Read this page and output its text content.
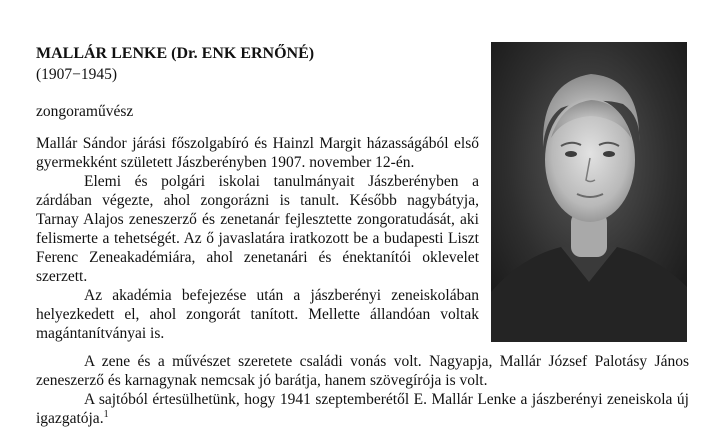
MALLÁR LENKE (Dr. ENK ERNŐNÉ)
(1907−1945)
zongoraművész

Mallár Sándor járási főszolgabíró és Hainzl Margit házasságából első gyermekként született Jászberényben 1907. november 12-én.

Elemi és polgári iskolai tanulmányait Jászberényben a zárdában végezte, ahol zongorázni is tanult. Később nagybátyja, Tarnay Alajos zeneszerző és zenetanár fejlesztette zongoratudását, aki felismerte a tehetségét. Az ő javaslatára iratkozott be a budapesti Liszt Ferenc Zeneakadémiára, ahol zenetanári és énektanítói oklevelet szerzett.

Az akadémia befejezése után a jászberényi zeneiskolában helyezkedett el, ahol zongorát tanított. Mellette állandóan voltak magántanítványai is.

A zene és a művészet szeretete családi vonás volt. Nagyapja, Mallár József Palotásy János zeneszerző és karnagynak nemcsak jó barátja, hanem szövegírója is volt.

A sajtóból értesülhetünk, hogy 1941 szeptemberétől E. Mallár Lenke a jászberényi zeneiskola új igazgatója.$^1$
